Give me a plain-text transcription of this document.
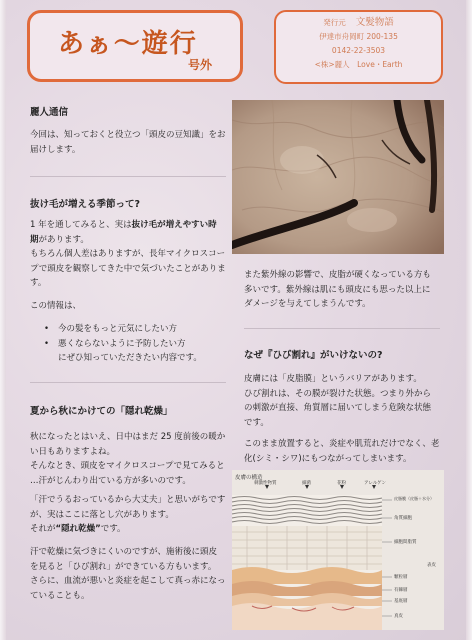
あぁ〜遊行
号外
発行元 文髪物語
伊達市舟岡町 200-135
0142-22-3503
<株>麗人　Love・Earth
麗人通信
今回は、知っておくと役立つ「頭皮の豆知識」をお
届けします。
抜け毛が増える季節って?
1 年を通してみると、実は抜け毛が増えやすい時
期があります。
もちろん個人差はありますが、長年マイクロスコー
プで頭皮を観察してきた中で気づいたことがありま
す。
この情報は、
• 今の髪をもっと元気にしたい方
• 悪くならないように予防したい方
にぜひ知っていただきたい内容です。
夏から秋にかけての「隠れ乾燥」
秋になったとはいえ、日中はまだ 25 度前後の暖か
い日もありますよね。
そんなとき、頭皮をマイクロスコープで見てみると
…汗がじんわり出ている方が多いのです。
「汗でうるおっているから大丈夫」と思いがちです
が、実はここに落とし穴があります。
それが“隠れ乾燥”です。
汗で乾燥に気づきにくいのですが、施術後に頭皮
を見ると「ひび割れ」ができている方もいます。
さらに、血流が悪いと炎症を起こして真っ赤になっ
ていることも。
また紫外線の影響で、皮脂が硬くなっている方も
多いです。紫外線は肌にも頭皮にも思った以上に
ダメージを与えてしまうんです。
なぜ『ひび割れ』がいけないの?
皮膚には「皮脂膜」というバリアがあります。
ひび割れは、その膜が裂けた状態。つまり外から
の刺激が直接、角質層に届いてしまう危険な状態
です。
このまま放置すると、炎症や肌荒れだけでなく、老
化(シミ・シワ)にもつながってしまいます。
皮膚の構造
刺激性物質	細菌	花粉	アレルゲン
皮脂膜（皮脂＋水分）
角質細胞
細胞間脂質
表皮
顆粒層
有棘層
基底層
真皮
